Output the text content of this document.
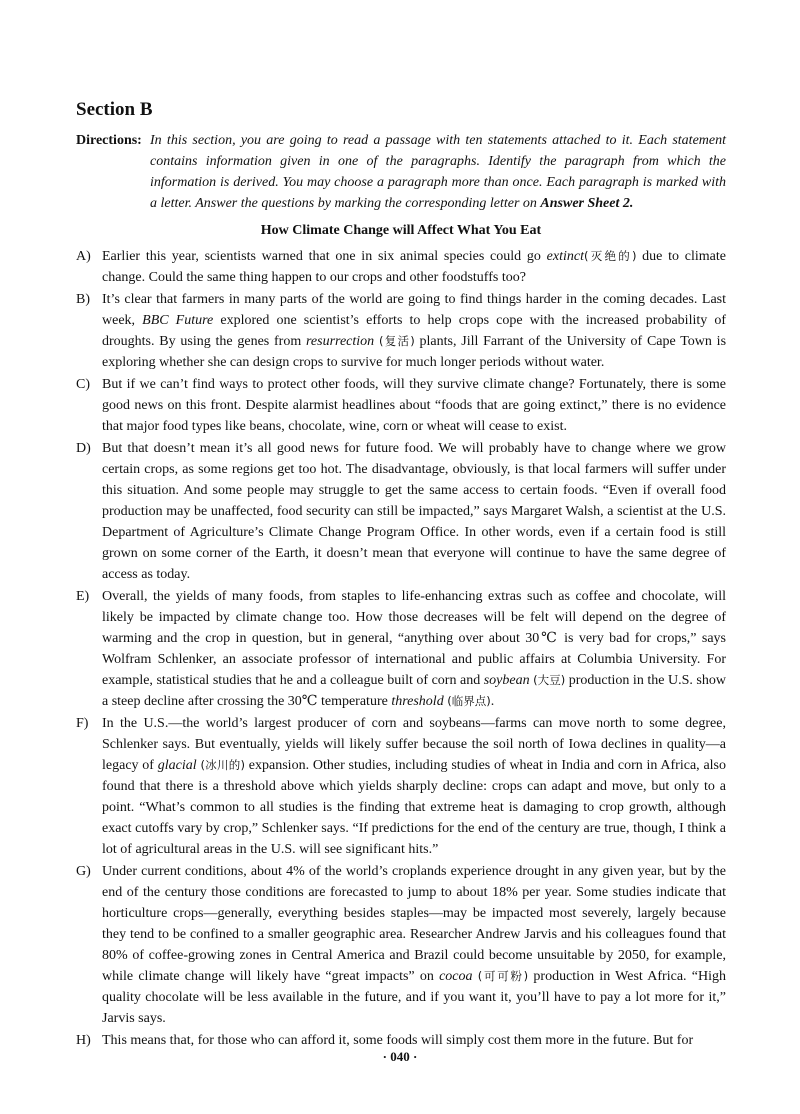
Section B

Directions: In this section, you are going to read a passage with ten statements attached to it. Each statement contains information given in one of the paragraphs. Identify the paragraph from which the information is derived. You may choose a paragraph more than once. Each paragraph is marked with a letter. Answer the questions by marking the corresponding letter on Answer Sheet 2.

How Climate Change will Affect What You Eat

A) Earlier this year, scientists warned that one in six animal species could go extinct(灭绝的) due to climate change. Could the same thing happen to our crops and other foodstuffs too?

B) It’s clear that farmers in many parts of the world are going to find things harder in the coming decades. Last week, BBC Future explored one scientist’s efforts to help crops cope with the increased probability of droughts. By using the genes from resurrection (复活) plants, Jill Farrant of the University of Cape Town is exploring whether she can design crops to survive for much longer periods without water.

C) But if we can’t find ways to protect other foods, will they survive climate change? Fortunately, there is some good news on this front. Despite alarmist headlines about “foods that are going extinct,” there is no evidence that major food types like beans, chocolate, wine, corn or wheat will cease to exist.

D) But that doesn’t mean it’s all good news for future food. We will probably have to change where we grow certain crops, as some regions get too hot. The disadvantage, obviously, is that local farmers will suffer under this situation. And some people may struggle to get the same access to certain foods. “Even if overall food production may be unaffected, food security can still be impacted,” says Margaret Walsh, a scientist at the U.S. Department of Agriculture’s Climate Change Program Office. In other words, even if a certain food is still grown on some corner of the Earth, it doesn’t mean that everyone will continue to have the same degree of access as today.

E) Overall, the yields of many foods, from staples to life-enhancing extras such as coffee and chocolate, will likely be impacted by climate change too. How those decreases will be felt will depend on the degree of warming and the crop in question, but in general, “anything over about 30℃ is very bad for crops,” says Wolfram Schlenker, an associate professor of international and public affairs at Columbia University. For example, statistical studies that he and a colleague built of corn and soybean (大豆) production in the U.S. show a steep decline after crossing the 30℃ temperature threshold (临界点).

F) In the U.S.—the world’s largest producer of corn and soybeans—farms can move north to some degree, Schlenker says. But eventually, yields will likely suffer because the soil north of Iowa declines in quality—a legacy of glacial (冰川的) expansion. Other studies, including studies of wheat in India and corn in Africa, also found that there is a threshold above which yields sharply decline: crops can adapt and move, but only to a point. “What’s common to all studies is the finding that extreme heat is damaging to crop growth, although exact cutoffs vary by crop,” Schlenker says. “If predictions for the end of the century are true, though, I think a lot of agricultural areas in the U.S. will see significant hits.”

G) Under current conditions, about 4% of the world’s croplands experience drought in any given year, but by the end of the century those conditions are forecasted to jump to about 18% per year. Some studies indicate that horticulture crops—generally, everything besides staples—may be impacted most severely, largely because they tend to be confined to a smaller geographic area. Researcher Andrew Jarvis and his colleagues found that 80% of coffee-growing zones in Central America and Brazil could become unsuitable by 2050, for example, while climate change will likely have “great impacts” on cocoa (可可粉) production in West Africa. “High quality chocolate will be less available in the future, and if you want it, you’ll have to pay a lot more for it,” Jarvis says.

H) This means that, for those who can afford it, some foods will simply cost them more in the future. But for

· 040 ·
